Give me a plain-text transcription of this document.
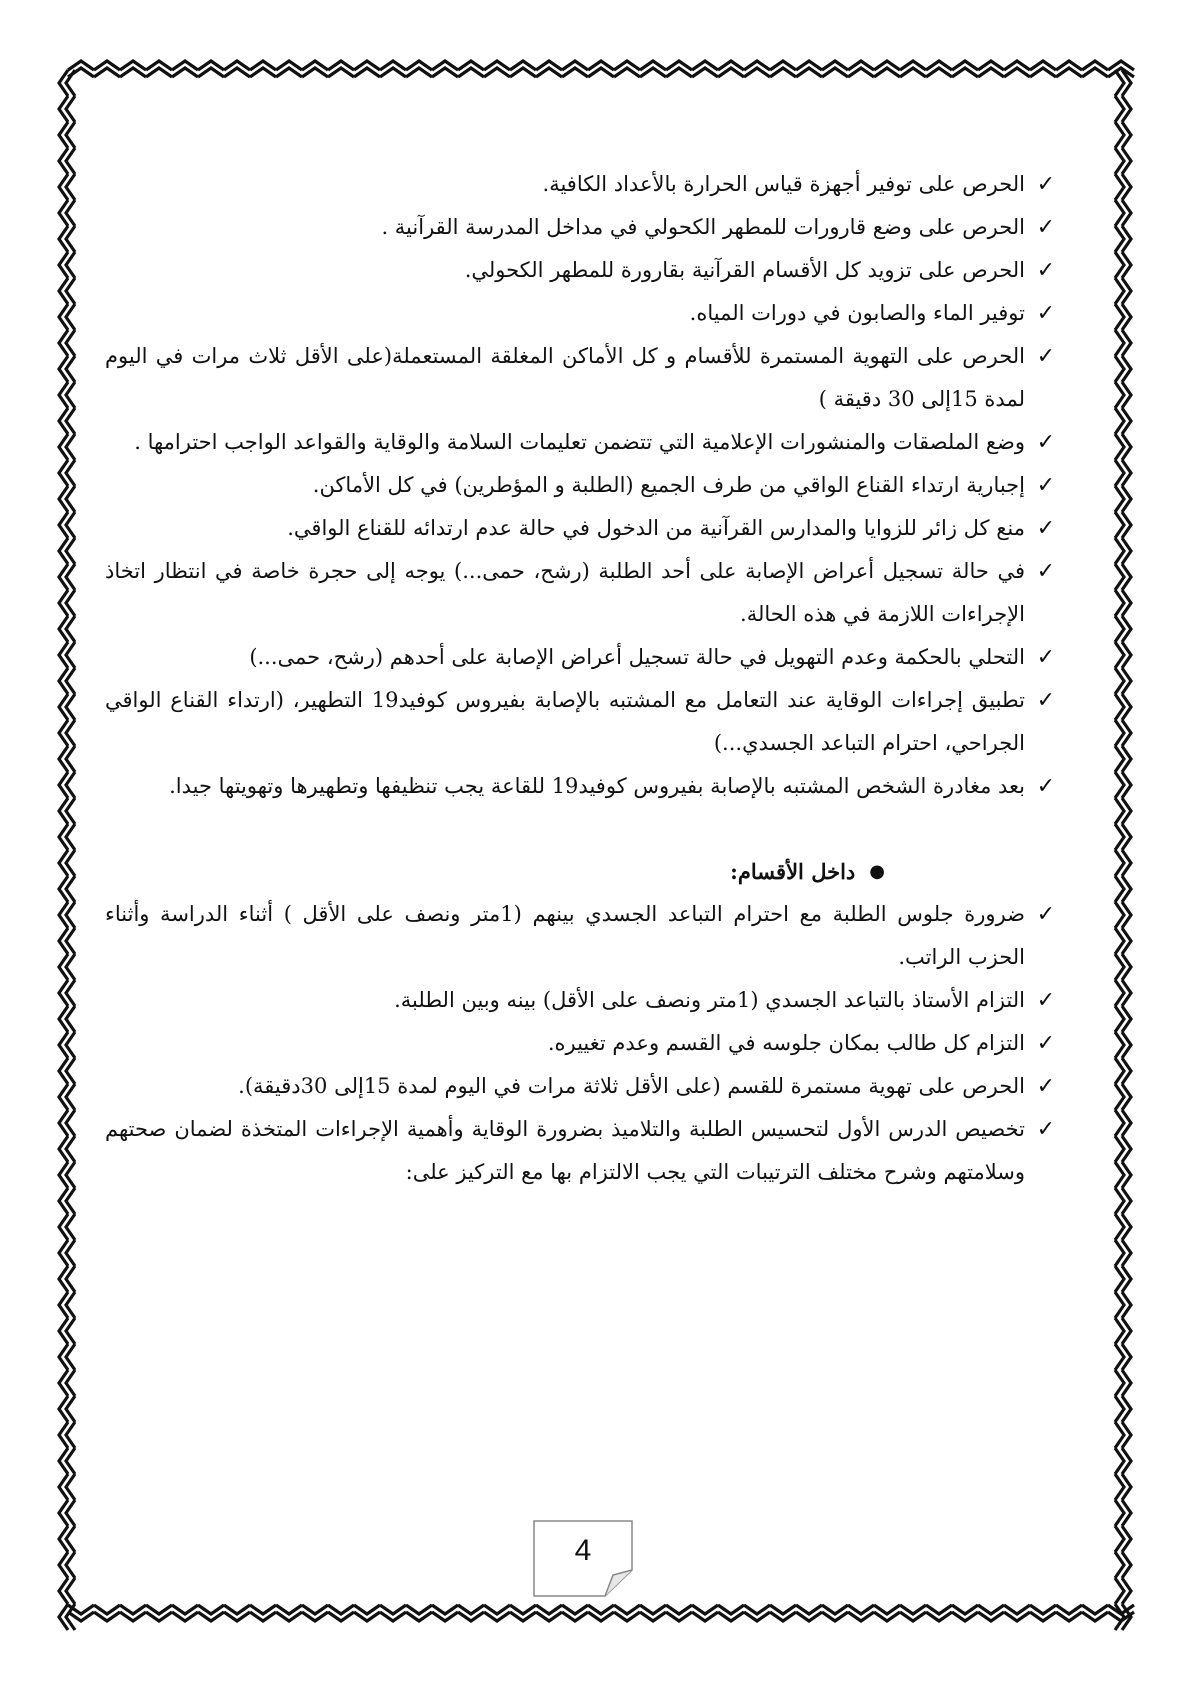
✓
الحرص على توفير أجهزة قياس الحرارة بالأعداد الكافية.

✓
الحرص على وضع قارورات للمطهر الكحولي في مداخل المدرسة القرآنية .

✓
الحرص على تزويد كل الأقسام القرآنية بقارورة للمطهر الكحولي.

✓
توفير الماء والصابون في دورات المياه.

✓
الحرص على التهوية المستمرة للأقسام و كل الأماكن المغلقة المستعملة(على الأقل ثلاث مرات في اليوم لمدة 15إلى 30 دقيقة )

✓
وضع الملصقات والمنشورات الإعلامية التي تتضمن تعليمات السلامة والوقاية والقواعد الواجب احترامها .

✓
إجبارية ارتداء القناع الواقي من طرف الجميع (الطلبة و المؤطرين) في كل الأماكن.

✓
منع كل زائر للزوايا والمدارس القرآنية من الدخول في حالة عدم ارتدائه للقناع الواقي.

✓
في حالة تسجيل أعراض الإصابة على أحد الطلبة (رشح، حمى...) يوجه إلى حجرة خاصة في انتظار اتخاذ الإجراءات اللازمة في هذه الحالة.

✓
التحلي بالحكمة وعدم التهويل في حالة تسجيل أعراض الإصابة على أحدهم (رشح، حمى...)

✓
تطبيق إجراءات الوقاية عند التعامل مع المشتبه بالإصابة بفيروس كوفيد19 التطهير، (ارتداء القناع الواقي الجراحي، احترام التباعد الجسدي...)

✓
بعد مغادرة الشخص المشتبه بالإصابة بفيروس كوفيد19 للقاعة يجب تنظيفها وتطهيرها وتهويتها جيدا.

●
داخل الأقسام:

✓
ضرورة جلوس الطلبة مع احترام التباعد الجسدي بينهم (1متر ونصف على الأقل ) أثناء الدراسة وأثناء الحزب الراتب.

✓
التزام الأستاذ بالتباعد الجسدي (1متر ونصف على الأقل) بينه وبين الطلبة.

✓
التزام كل طالب بمكان جلوسه في القسم وعدم تغييره.

✓
الحرص على تهوية مستمرة للقسم (على الأقل ثلاثة مرات في اليوم لمدة 15إلى 30دقيقة).

✓
تخصيص الدرس الأول لتحسيس الطلبة والتلاميذ بضرورة الوقاية وأهمية الإجراءات المتخذة لضمان صحتهم وسلامتهم وشرح مختلف الترتيبات التي يجب الالتزام بها مع التركيز على:

4
